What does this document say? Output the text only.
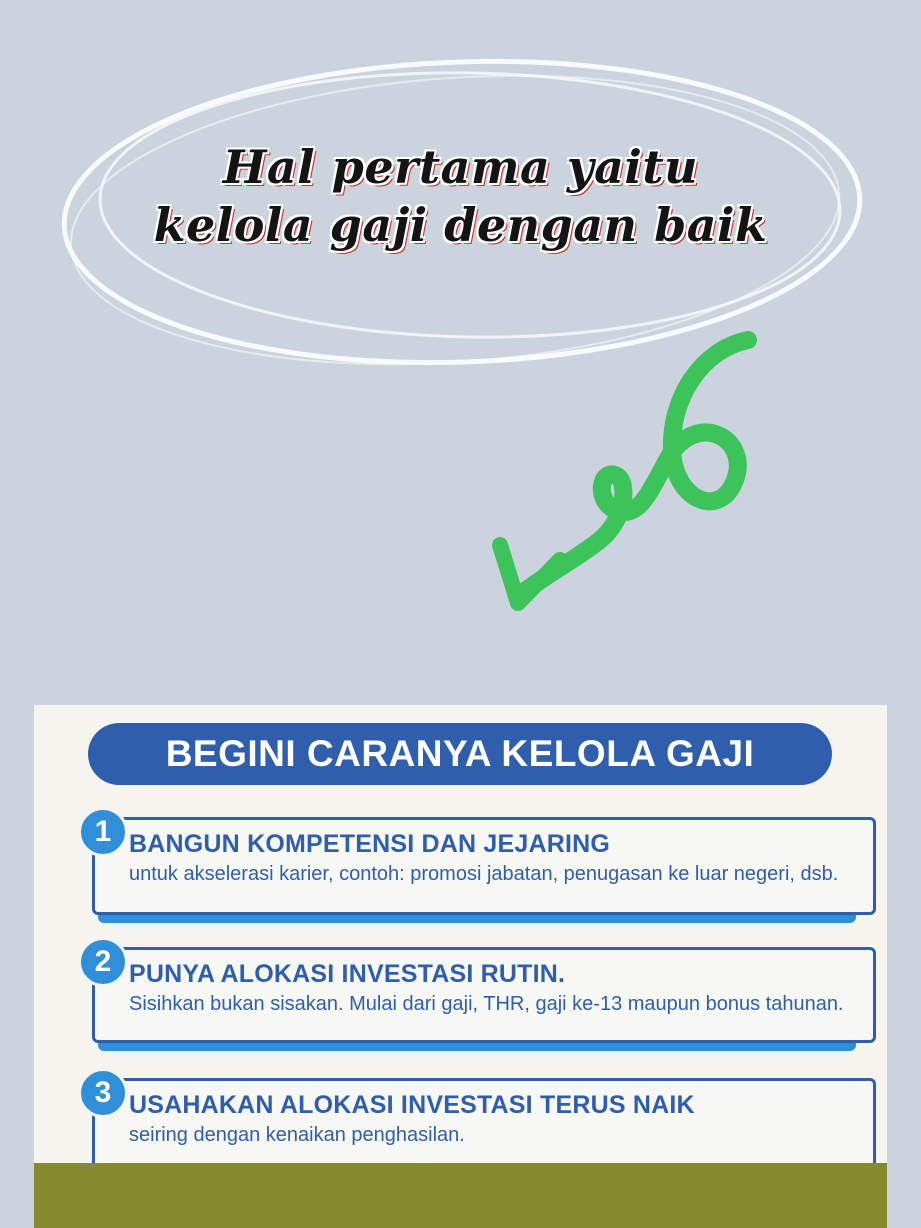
Hal pertama yaitu
kelola gaji dengan baik
BEGINI CARANYA KELOLA GAJI
BANGUN KOMPETENSI DAN JEJARING
untuk akselerasi karier, contoh: promosi jabatan, penugasan ke luar negeri, dsb.
1
PUNYA ALOKASI INVESTASI RUTIN.
Sisihkan bukan sisakan. Mulai dari gaji, THR, gaji ke-13 maupun bonus tahunan.
2
USAHAKAN ALOKASI INVESTASI TERUS NAIK
seiring dengan kenaikan penghasilan.
3
